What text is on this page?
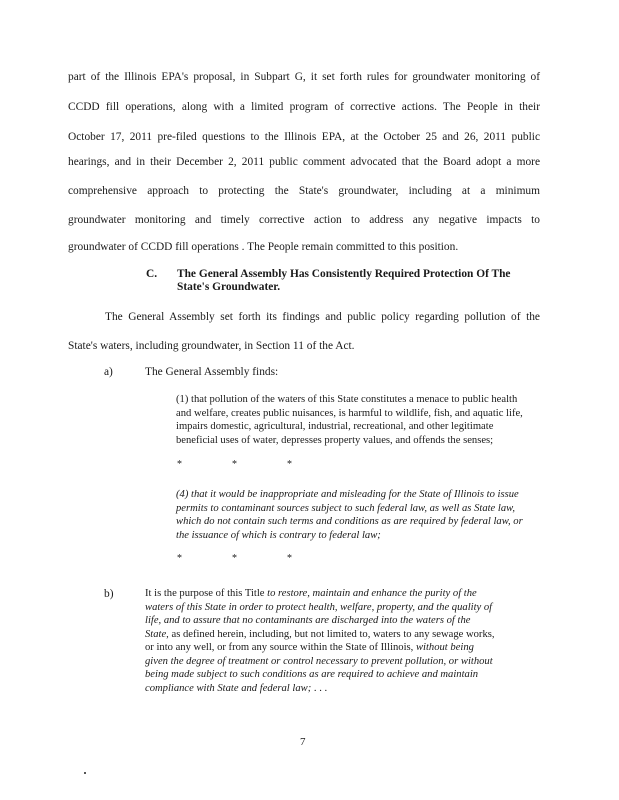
part of the Illinois EPA's proposal, in Subpart G, it set forth rules for groundwater monitoring of
CCDD fill operations, along with a limited program of corrective actions. The People in their
October 17, 2011 pre-filed questions to the Illinois EPA, at the October 25 and 26, 2011 public
hearings, and in their December 2, 2011 public comment advocated that the Board adopt a more
comprehensive approach to protecting the State's groundwater, including at a minimum
groundwater monitoring and timely corrective action to address any negative impacts to
groundwater of CCDD fill operations . The People remain committed to this position.
C. The General Assembly Has Consistently Required Protection Of The
State's Groundwater.
The General Assembly set forth its findings and public policy regarding pollution of the
State's waters, including groundwater, in Section 11 of the Act.
a)	The General Assembly finds:
(1) that pollution of the waters of this State constitutes a menace to public health
and welfare, creates public nuisances, is harmful to wildlife, fish, and aquatic life,
impairs domestic, agricultural, industrial, recreational, and other legitimate
beneficial uses of water, depresses property values, and offends the senses;
*	*	*
(4) that it would be inappropriate and misleading for the State of Illinois to issue
permits to contaminant sources subject to such federal law, as well as State law,
which do not contain such terms and conditions as are required by federal law, or
the issuance of which is contrary to federal law;
*	*	*
b)	It is the purpose of this Title to restore, maintain and enhance the purity of the
waters of this State in order to protect health, welfare, property, and the quality of
life, and to assure that no contaminants are discharged into the waters of the
State, as defined herein, including, but not limited to, waters to any sewage works,
or into any well, or from any source within the State of Illinois, without being
given the degree of treatment or control necessary to prevent pollution, or without
being made subject to such conditions as are required to achieve and maintain
compliance with State and federal law; . . .
7
